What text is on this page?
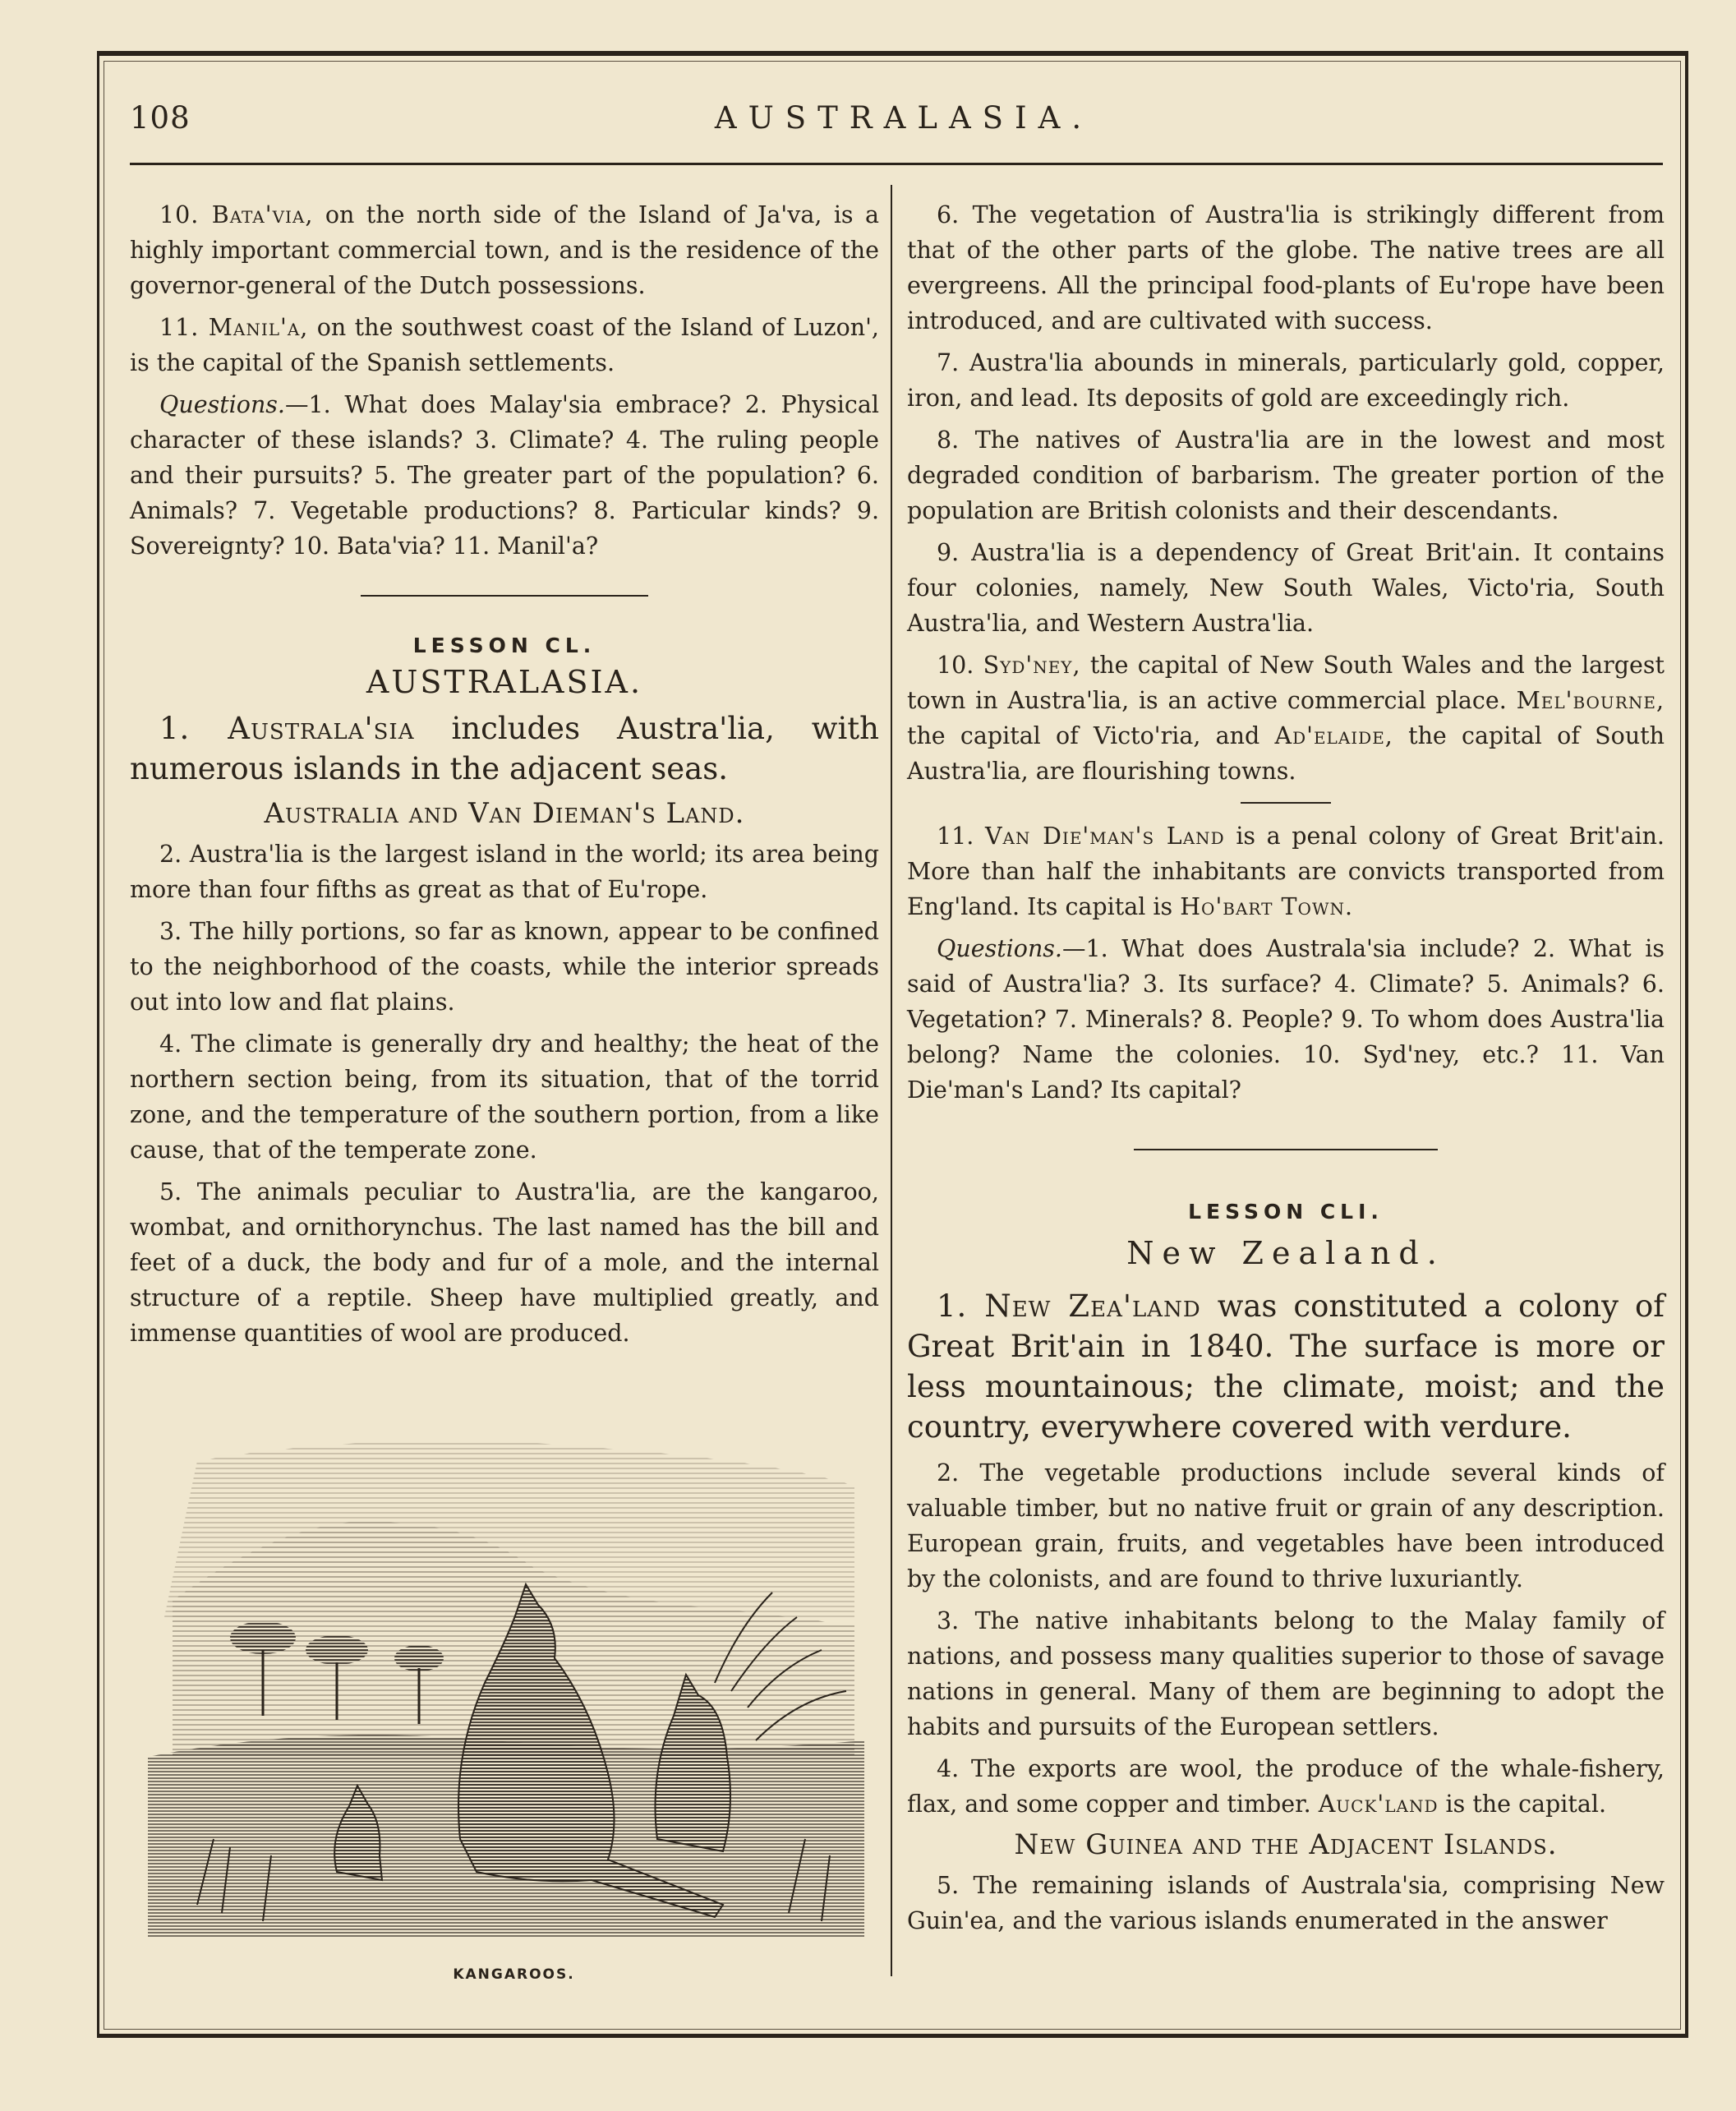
108	AUSTRALASIA.

10. Bata'via, on the north side of the Island of Ja'va, is a highly important commercial town, and is the residence of the governor-general of the Dutch possessions.

11. Manil'a, on the southwest coast of the Island of Luzon', is the capital of the Spanish settlements.

Questions.—1. What does Malay'sia embrace? 2. Physical character of these islands? 3. Climate? 4. The ruling people and their pursuits? 5. The greater part of the population? 6. Animals? 7. Vegetable productions? 8. Particular kinds? 9. Sovereignty? 10. Bata'via? 11. Manil'a?

LESSON CL.

AUSTRALASIA.

1. Australa'sia includes Austra'lia, with numerous islands in the adjacent seas.

Australia and Van Dieman's Land.

2. Austra'lia is the largest island in the world; its area being more than four fifths as great as that of Eu'rope.

3. The hilly portions, so far as known, appear to be confined to the neighborhood of the coasts, while the interior spreads out into low and flat plains.

4. The climate is generally dry and healthy; the heat of the northern section being, from its situation, that of the torrid zone, and the temperature of the southern portion, from a like cause, that of the temperate zone.

5. The animals peculiar to Austra'lia, are the kangaroo, wombat, and ornithorynchus. The last named has the bill and feet of a duck, the body and fur of a mole, and the internal structure of a reptile. Sheep have multiplied greatly, and immense quantities of wool are produced.

KANGAROOS.

6. The vegetation of Austra'lia is strikingly different from that of the other parts of the globe. The native trees are all evergreens. All the principal food-plants of Eu'rope have been introduced, and are cultivated with success.

7. Austra'lia abounds in minerals, particularly gold, copper, iron, and lead. Its deposits of gold are exceedingly rich.

8. The natives of Austra'lia are in the lowest and most degraded condition of barbarism. The greater portion of the population are British colonists and their descendants.

9. Austra'lia is a dependency of Great Brit'ain. It contains four colonies, namely, New South Wales, Victo'ria, South Austra'lia, and Western Austra'lia.

10. Syd'ney, the capital of New South Wales and the largest town in Austra'lia, is an active commercial place. Mel'bourne, the capital of Victo'ria, and Ad'elaide, the capital of South Austra'lia, are flourishing towns.

11. Van Die'man's Land is a penal colony of Great Brit'ain. More than half the inhabitants are convicts transported from Eng'land. Its capital is Ho'bart Town.

Questions.—1. What does Australa'sia include? 2. What is said of Austra'lia? 3. Its surface? 4. Climate? 5. Animals? 6. Vegetation? 7. Minerals? 8. People? 9. To whom does Austra'lia belong? Name the colonies. 10. Syd'ney, etc.? 11. Van Die'man's Land? Its capital?

LESSON CLI.

New Zealand.

1. New Zea'land was constituted a colony of Great Brit'ain in 1840. The surface is more or less mountainous; the climate, moist; and the country, everywhere covered with verdure.

2. The vegetable productions include several kinds of valuable timber, but no native fruit or grain of any description. European grain, fruits, and vegetables have been introduced by the colonists, and are found to thrive luxuriantly.

3. The native inhabitants belong to the Malay family of nations, and possess many qualities superior to those of savage nations in general. Many of them are beginning to adopt the habits and pursuits of the European settlers.

4. The exports are wool, the produce of the whale-fishery, flax, and some copper and timber. Auck'land is the capital.

New Guinea and the Adjacent Islands.

5. The remaining islands of Australa'sia, comprising New Guin'ea, and the various islands enumerated in the answer
